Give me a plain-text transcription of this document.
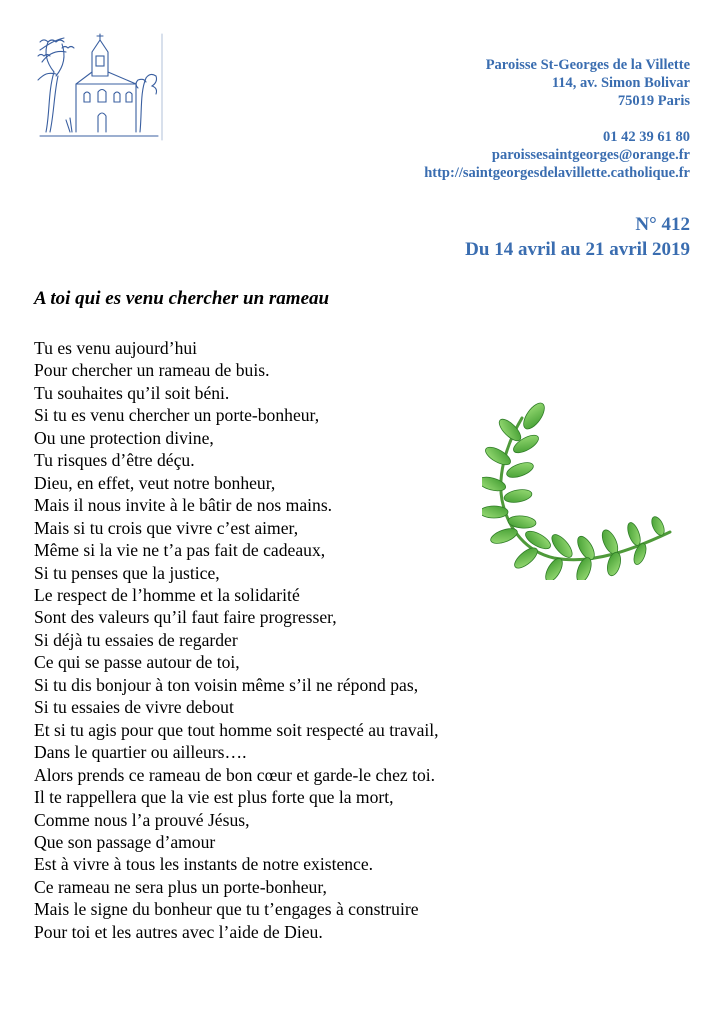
Paroisse St-Georges de la Villette
114, av. Simon Bolivar
75019 Paris
01 42 39 61 80
paroissesaintgeorges@orange.fr
http://saintgeorgesdelavillette.catholique.fr
N° 412
Du 14 avril au 21 avril 2019
A toi qui es venu chercher un rameau
Tu es venu aujourd’hui
Pour chercher un rameau de buis.
Tu souhaites qu’il soit béni.
Si tu es venu chercher un porte-bonheur,
Ou une protection divine,
Tu risques d’être déçu.
Dieu, en effet, veut notre bonheur,
Mais il nous invite à le bâtir de nos mains.
Mais si tu crois que vivre c’est aimer,
Même si la vie ne t’a pas fait de cadeaux,
Si tu penses que la justice,
Le respect de l’homme et la solidarité
Sont des valeurs qu’il faut faire progresser,
Si déjà tu essaies de regarder
Ce qui se passe autour de toi,
Si tu dis bonjour à ton voisin même s’il ne répond pas,
Si tu essaies de vivre debout
Et si tu agis pour que tout homme soit respecté au travail,
Dans le quartier ou ailleurs….
Alors prends ce rameau de bon cœur et garde-le chez toi.
Il te rappellera que la vie est plus forte que la mort,
Comme nous l’a prouvé Jésus,
Que son passage d’amour
Est à vivre à tous les instants de notre existence.
Ce rameau ne sera plus un porte-bonheur,
Mais le signe du bonheur que tu t’engages à construire
Pour toi et les autres avec l’aide de Dieu.
